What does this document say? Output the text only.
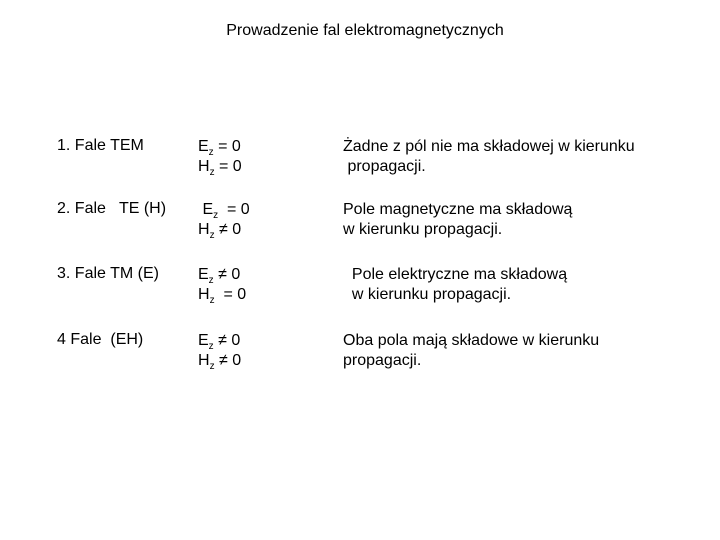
Prowadzenie fal elektromagnetycznych
1. Fale TEM	$E_z = 0$
$H_z = 0$
Żadne z pól nie ma składowej w kierunku
propagacji.
2. Fale   TE (H) $E_z = 0$
$H_z \ne 0$
Pole magnetyczne ma składową
w kierunku propagacji.
3. Fale TM (E) $E_z \ne 0$
$H_z = 0$
Pole elektryczne ma składową
w kierunku propagacji.
4 Fale  (EH)	$E_z \ne 0$
$H_z \ne 0$
Oba pola mają składowe w kierunku
propagacji.
